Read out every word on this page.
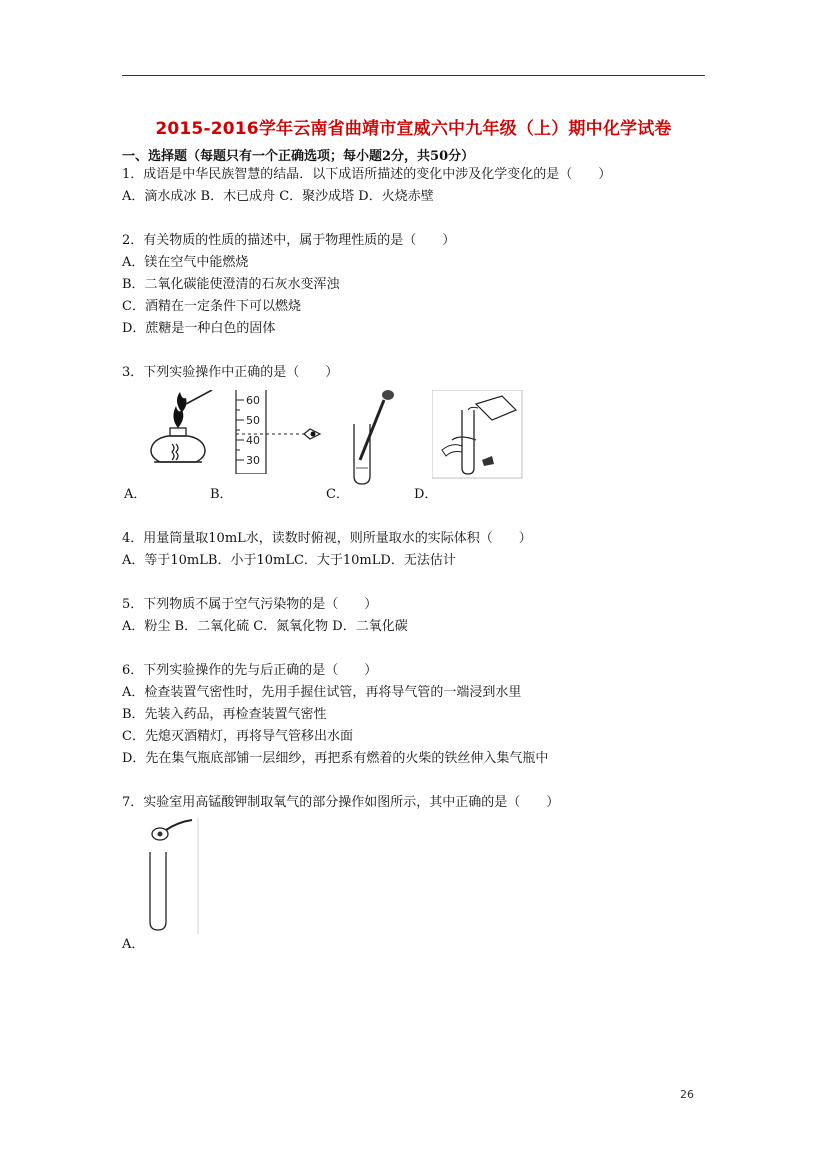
2015-2016学年云南省曲靖市宣威六中九年级（上）期中化学试卷
一、选择题（每题只有一个正确选项；每小题2分，共50分）
1．成语是中华民族智慧的结晶．以下成语所描述的变化中涉及化学变化的是（　　）
A．滴水成冰 B．木已成舟 C．聚沙成塔 D．火烧赤壁
2．有关物质的性质的描述中，属于物理性质的是（　　）
A．镁在空气中能燃烧
B．二氧化碳能使澄清的石灰水变浑浊
C．酒精在一定条件下可以燃烧
D．蔗糖是一种白色的固体
3．下列实验操作中正确的是（　　）
60
50
40
30
A．	B．	C．	D．
4．用量筒量取10mL水，读数时俯视，则所量取水的实际体积（　　）
A．等于10mLB．小于10mLC．大于10mLD．无法估计
5．下列物质不属于空气污染物的是（　　）
A．粉尘 B．二氧化硫 C．氮氧化物 D．二氧化碳
6．下列实验操作的先与后正确的是（　　）
A．检查装置气密性时，先用手握住试管，再将导气管的一端浸到水里
B．先装入药品，再检查装置气密性
C．先熄灭酒精灯，再将导气管移出水面
D．先在集气瓶底部铺一层细纱，再把系有燃着的火柴的铁丝伸入集气瓶中
7．实验室用高锰酸钾制取氧气的部分操作如图所示，其中正确的是（　　）
A．
26
